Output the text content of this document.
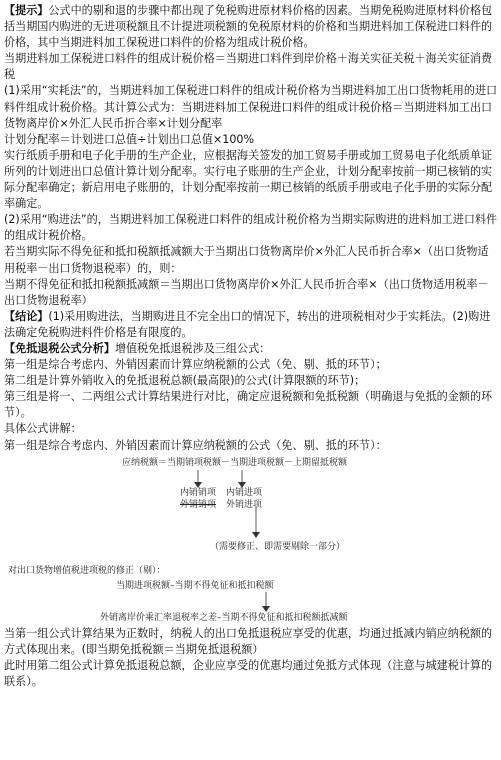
【提示】公式中的剔和退的步骤中都出现了免税购进原材料价格的因素。当期免税购进原材料价格包括当期国内购进的无进项税额且不计提进项税额的免税原材料的价格和当期进料加工保税进口料件的价格，其中当期进料加工保税进口料件的价格为组成计税价格。

当期进料加工保税进口料件的组成计税价格＝当期进口料件到岸价格＋海关实征关税＋海关实征消费税

(1)采用“实耗法”的，当期进料加工保税进口料件的组成计税价格为当期进料加工出口货物耗用的进口料件组成计税价格。其计算公式为：当期进料加工保税进口料件的组成计税价格＝当期进料加工出口货物离岸价×外汇人民币折合率×计划分配率

计划分配率＝计划进口总值÷计划出口总值×100%

实行纸质手册和电子化手册的生产企业，应根据海关签发的加工贸易手册或加工贸易电子化纸质单证所列的计划进出口总值计算计划分配率。实行电子账册的生产企业，计划分配率按前一期已核销的实际分配率确定；新启用电子账册的，计划分配率按前一期已核销的纸质手册或电子化手册的实际分配率确定。

(2)采用“购进法”的，当期进料加工保税进口料件的组成计税价格为当期实际购进的进料加工进口料件的组成计税价格。

若当期实际不得免征和抵扣税额抵减额大于当期出口货物离岸价×外汇人民币折合率×（出口货物适用税率－出口货物退税率）的，则：

当期不得免征和抵扣税额抵减额＝当期出口货物离岸价×外汇人民币折合率×（出口货物适用税率－出口货物退税率）

【结论】(1)采用购进法，当期购进且不完全出口的情况下，转出的进项税相对少于实耗法。(2)购进法确定免税购进料件价格是有限度的。

【免抵退税公式分析】增值税免抵退税涉及三组公式：

第一组是综合考虑内、外销因素而计算应纳税额的公式（免、剔、抵的环节）；

第二组是计算外销收入的免抵退税总额(最高限)的公式(计算限额的环节)；

第三组是将一、二两组公式计算结果进行对比，确定应退税额和免抵税额（明确退与免抵的金额的环节）。

具体公式讲解：

第一组是综合考虑内、外销因素而计算应纳税额的公式（免、剔、抵的环节）：

应纳税额＝当期销项税额－当期进项税额－上期留抵税额
内销销项
外销销项
内销进项
外销进项
（需要修正、即需要剔除一部分）
对出口货物增值税进项税的修正（剔）：
当期进项税额–当期不得免征和抵扣税额
外销离岸价乘汇率退税率之差–当期不得免征和抵扣税额抵减额

当第一组公式计算结果为正数时，纳税人的出口免抵退税应享受的优惠，均通过抵减内销应纳税额的方式体现出来。(即当期免抵税额＝当期免抵退税额）

此时用第二组公式计算免抵退税总额，企业应享受的优惠均通过免抵方式体现（注意与城建税计算的联系）。
